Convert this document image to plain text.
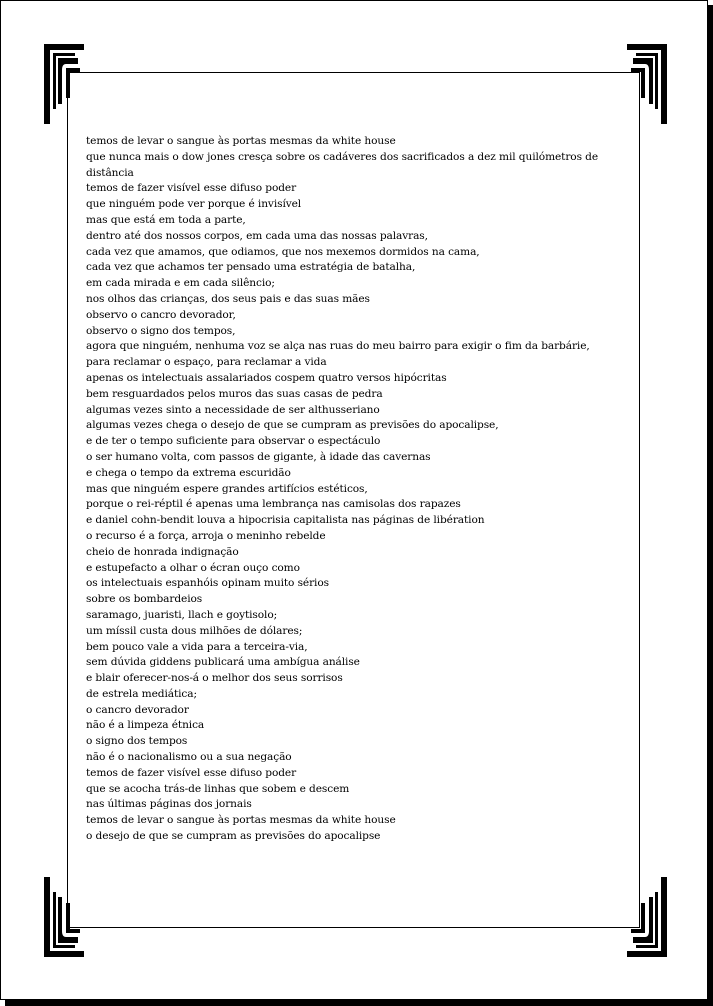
temos de levar o sangue às portas mesmas da white house
que nunca mais o dow jones cresça sobre os cadáveres dos sacrificados a dez mil quilómetros de distância
temos de fazer visível esse difuso poder
que ninguém pode ver porque é invisível
mas que está em toda a parte,
dentro até dos nossos corpos, em cada uma das nossas palavras,
cada vez que amamos, que odiamos, que nos mexemos dormidos na cama,
cada vez que achamos ter pensado uma estratégia de batalha,
em cada mirada e em cada silêncio;
nos olhos das crianças, dos seus pais e das suas mães
observo o cancro devorador,
observo o signo dos tempos,
agora que ninguém, nenhuma voz se alça nas ruas do meu bairro para exigir o fim da barbárie,
para reclamar o espaço, para reclamar a vida
apenas os intelectuais assalariados cospem quatro versos hipócritas
bem resguardados pelos muros das suas casas de pedra
algumas vezes sinto a necessidade de ser althusseriano
algumas vezes chega o desejo de que se cumpram as previsões do apocalipse,
e de ter o tempo suficiente para observar o espectáculo
o ser humano volta, com passos de gigante, à idade das cavernas
e chega o tempo da extrema escuridão
mas que ninguém espere grandes artifícios estéticos,
porque o rei-réptil é apenas uma lembrança nas camisolas dos rapazes
e daniel cohn-bendit louva a hipocrisia capitalista nas páginas de libération
o recurso é a força, arroja o meninho rebelde
cheio de honrada indignação
e estupefacto a olhar o écran ouço como
os intelectuais espanhóis opinam muito sérios
sobre os bombardeios
saramago, juaristi, llach e goytisolo;
um míssil custa dous milhões de dólares;
bem pouco vale a vida para a terceira-via,
sem dúvida giddens publicará uma ambígua análise
e blair oferecer-nos-á o melhor dos seus sorrisos
de estrela mediática;
o cancro devorador
não é a limpeza étnica
o signo dos tempos
não é o nacionalismo ou a sua negação
temos de fazer visível esse difuso poder
que se acocha trás-de linhas que sobem e descem
nas últimas páginas dos jornais
temos de levar o sangue às portas mesmas da white house
o desejo de que se cumpram as previsões do apocalipse
